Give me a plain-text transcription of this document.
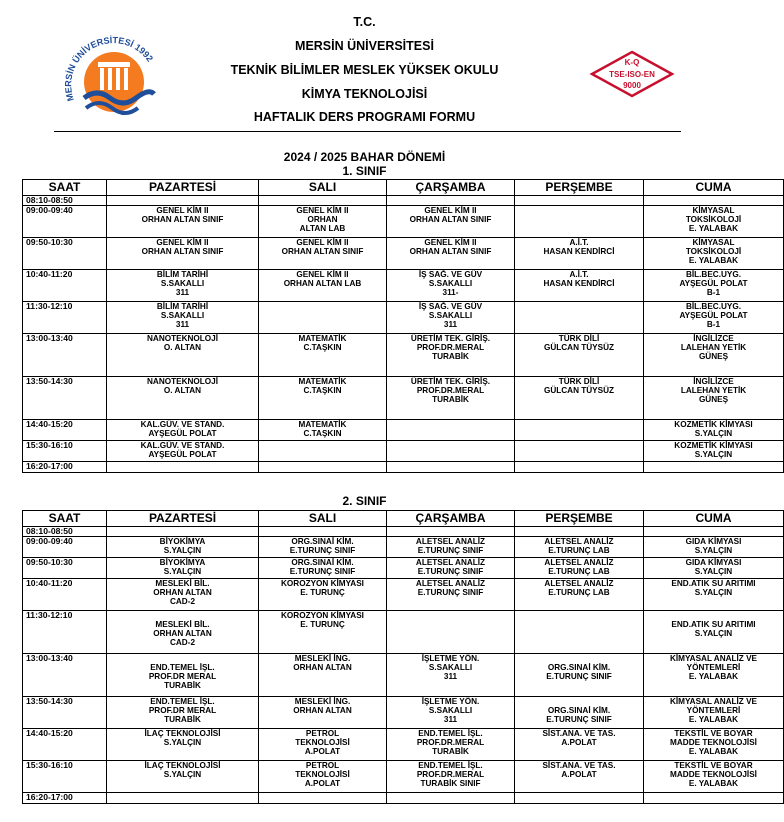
MERSİN ÜNİVERSİTESİ 1992
T.C.
MERSİN ÜNİVERSİTESİ
TEKNİK BİLİMLER MESLEK YÜKSEK OKULU
KİMYA TEKNOLOJİSİ
HAFTALIK DERS PROGRAMI FORMU
K-Q
TSE-ISO-EN
9000
2024 / 2025 BAHAR DÖNEMİ
1. SINIF
SAAT	PAZARTESİ	SALI	ÇARŞAMBA	PERŞEMBE	CUMA
08:10-08:50					
09:00-09:40	GENEL KİM II
ORHAN ALTAN SINIF	GENEL KİM II
ORHAN
ALTAN LAB	GENEL KİM II
ORHAN ALTAN SINIF		KİMYASAL
TOKSİKOLOJİ
E. YALABAK

09:50-10:30	GENEL KİM II
ORHAN ALTAN SINIF	GENEL KİM II
ORHAN ALTAN SINIF	GENEL KİM II
ORHAN ALTAN SINIF	A.İ.T.
HASAN KENDİRCİ	KİMYASAL
TOKSİKOLOJİ
E. YALABAK

10:40-11:20	BİLİM TARİHİ
S.SAKALLI
311	GENEL KİM II
ORHAN ALTAN LAB	İŞ SAĞ. VE GÜV
S.SAKALLI
311-	A.İ.T.
HASAN KENDİRCİ	BİL.BEC.UYG.
AYŞEGÜL POLAT
B-1

11:30-12:10	BİLİM TARİHİ
S.SAKALLI
311		İŞ SAĞ. VE GÜV
S.SAKALLI
311		BİL.BEC.UYG.
AYŞEGÜL POLAT
B-1

13:00-13:40	NANOTEKNOLOJİ
O. ALTAN	MATEMATİK
C.TAŞKIN	ÜRETİM TEK. GİRİŞ.
PROF.DR.MERAL
TURABİK	TÜRK DİLİ
GÜLCAN TÜYSÜZ	İNGİLİZCE
LALEHAN YETİK
GÜNEŞ

13:50-14:30	NANOTEKNOLOJİ
O. ALTAN	MATEMATİK
C.TAŞKIN	ÜRETİM TEK. GİRİŞ.
PROF.DR.MERAL
TURABİK	TÜRK DİLİ
GÜLCAN TÜYSÜZ	İNGİLİZCE
LALEHAN YETİK
GÜNEŞ

14:40-15:20	KAL.GÜV. VE STAND.
AYŞEGÜL POLAT	MATEMATİK
C.TAŞKIN			KOZMETİK KİMYASI
S.YALÇIN

15:30-16:10	KAL.GÜV. VE STAND.
AYŞEGÜL POLAT				KOZMETİK KİMYASI
S.YALÇIN

16:20-17:00					
2. SINIF
SAAT	PAZARTESİ	SALI	ÇARŞAMBA	PERŞEMBE	CUMA
08:10-08:50					
09:00-09:40	BİYOKİMYA
S.YALÇIN	ORG.SINAİ KİM.
E.TURUNÇ SINIF	ALETSEL ANALİZ
E.TURUNÇ SINIF	ALETSEL ANALİZ
E.TURUNÇ LAB	GIDA KİMYASI
S.YALÇIN

09:50-10:30	BİYOKİMYA
S.YALÇIN	ORG.SINAİ KİM.
E.TURUNÇ SINIF	ALETSEL ANALİZ
E.TURUNÇ SINIF	ALETSEL ANALİZ
E.TURUNÇ LAB	GIDA KİMYASI
S.YALÇIN

10:40-11:20	MESLEKİ BİL.
ORHAN ALTAN
CAD-2	KOROZYON KİMYASI
E. TURUNÇ	ALETSEL ANALİZ
E.TURUNÇ SINIF	ALETSEL ANALİZ
E.TURUNÇ LAB	END.ATIK SU ARITIMI
S.YALÇIN

11:30-12:10	MESLEKİ BİL.
ORHAN ALTAN
CAD-2	KOROZYON KİMYASI
E. TURUNÇ			END.ATIK SU ARITIMI
S.YALÇIN

13:00-13:40	END.TEMEL İŞL.
PROF.DR MERAL
TURABİK	MESLEKİ İNG.
ORHAN ALTAN	İŞLETME YÖN.
S.SAKALLI
311	ORG.SINAİ KİM.
E.TURUNÇ SINIF	KİMYASAL ANALİZ VE
YÖNTEMLERİ
E. YALABAK

13:50-14:30	END.TEMEL İŞL.
PROF.DR MERAL
TURABİK	MESLEKİ İNG.
ORHAN ALTAN	İŞLETME YÖN.
S.SAKALLI
311	ORG.SINAİ KİM.
E.TURUNÇ SINIF	KİMYASAL ANALİZ VE
YÖNTEMLERİ
E. YALABAK

14:40-15:20	İLAÇ TEKNOLOJİSİ
S.YALÇIN	PETROL
TEKNOLOJİSİ
A.POLAT	END.TEMEL İŞL.
PROF.DR.MERAL
TURABİK	SİST.ANA. VE TAS.
A.POLAT	TEKSTİL VE BOYAR
MADDE TEKNOLOJİSİ
E. YALABAK

15:30-16:10	İLAÇ TEKNOLOJİSİ
S.YALÇIN	PETROL
TEKNOLOJİSİ
A.POLAT	END.TEMEL İŞL.
PROF.DR.MERAL
TURABİK SINIF	SİST.ANA. VE TAS.
A.POLAT	TEKSTİL VE BOYAR
MADDE TEKNOLOJİSİ
E. YALABAK

16:20-17:00					
